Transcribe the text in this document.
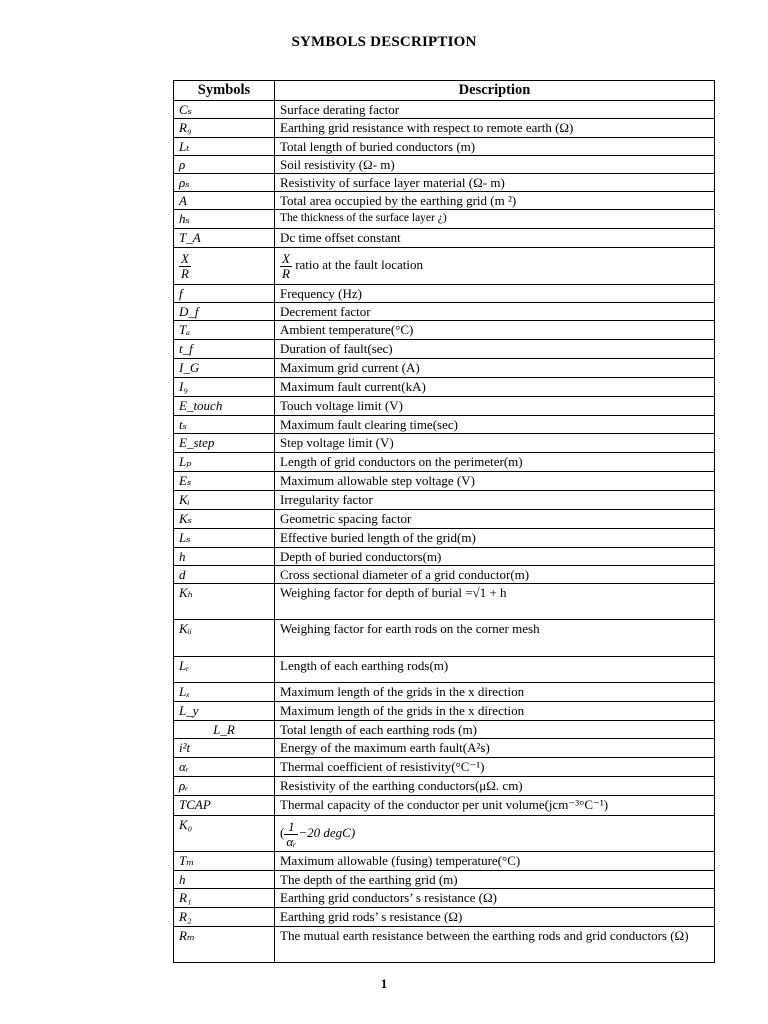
SYMBOLS DESCRIPTION
Symbols	Description
Cₛ	Surface derating factor
R₉	Earthing grid resistance with respect to remote earth (Ω)
Lₜ	Total length of buried conductors (m)
ρ	Soil resistivity (Ω- m)
ρₛ	Resistivity of surface layer material (Ω- m)
A	Total area occupied by the earthing grid (m ²)
hₛ	The thickness of the surface layer ¿)
T_A	Dc time offset constant

$\frac{X}{R}$	$\frac{X}{R}$ ratio at the fault location
f	Frequency (Hz)
D_f	Decrement factor
Tₐ	Ambient temperature(°C)
t_f	Duration of fault(sec)
I_G	Maximum grid current (A)
I₉	Maximum fault current(kA)
E_touch	Touch voltage limit (V)
tₛ	Maximum fault clearing time(sec)
E_step	Step voltage limit (V)
Lₚ	Length of grid conductors on the perimeter(m)
Eₛ	Maximum allowable step voltage (V)
Kᵢ	Irregularity factor
Kₛ	Geometric spacing factor
Lₛ	Effective buried length of the grid(m)
h	Depth of buried conductors(m)
d	Cross sectional diameter of a grid conductor(m)
Kₕ	Weighing factor for depth of burial =√1 + h
Kᵢᵢ	Weighing factor for earth rods on the corner mesh
Lᵣ	Length of each earthing rods(m)
Lₓ	Maximum length of the grids in the x direction
L_y	Maximum length of the grids in the x direction
L_R	Total length of each earthing rods (m)
i²t	Energy of the maximum earth fault(A²s)
αᵣ	Thermal coefficient of resistivity(°C⁻¹)
ρᵣ	Resistivity of the earthing conductors(μΩ. cm)
TCAP	Thermal capacity of the conductor per unit volume(jcm⁻³°C⁻¹)
K₀	( $\frac{1}{\text{αᵣ}} -20$ degC)
Tₘ	Maximum allowable (fusing) temperature(°C)
h	The depth of the earthing grid (m)
R₁	Earthing grid conductors’ s resistance (Ω)
R₂	Earthing grid rods’ s resistance (Ω)
Rₘ	The mutual earth resistance between the earthing rods and grid conductors (Ω)
1
